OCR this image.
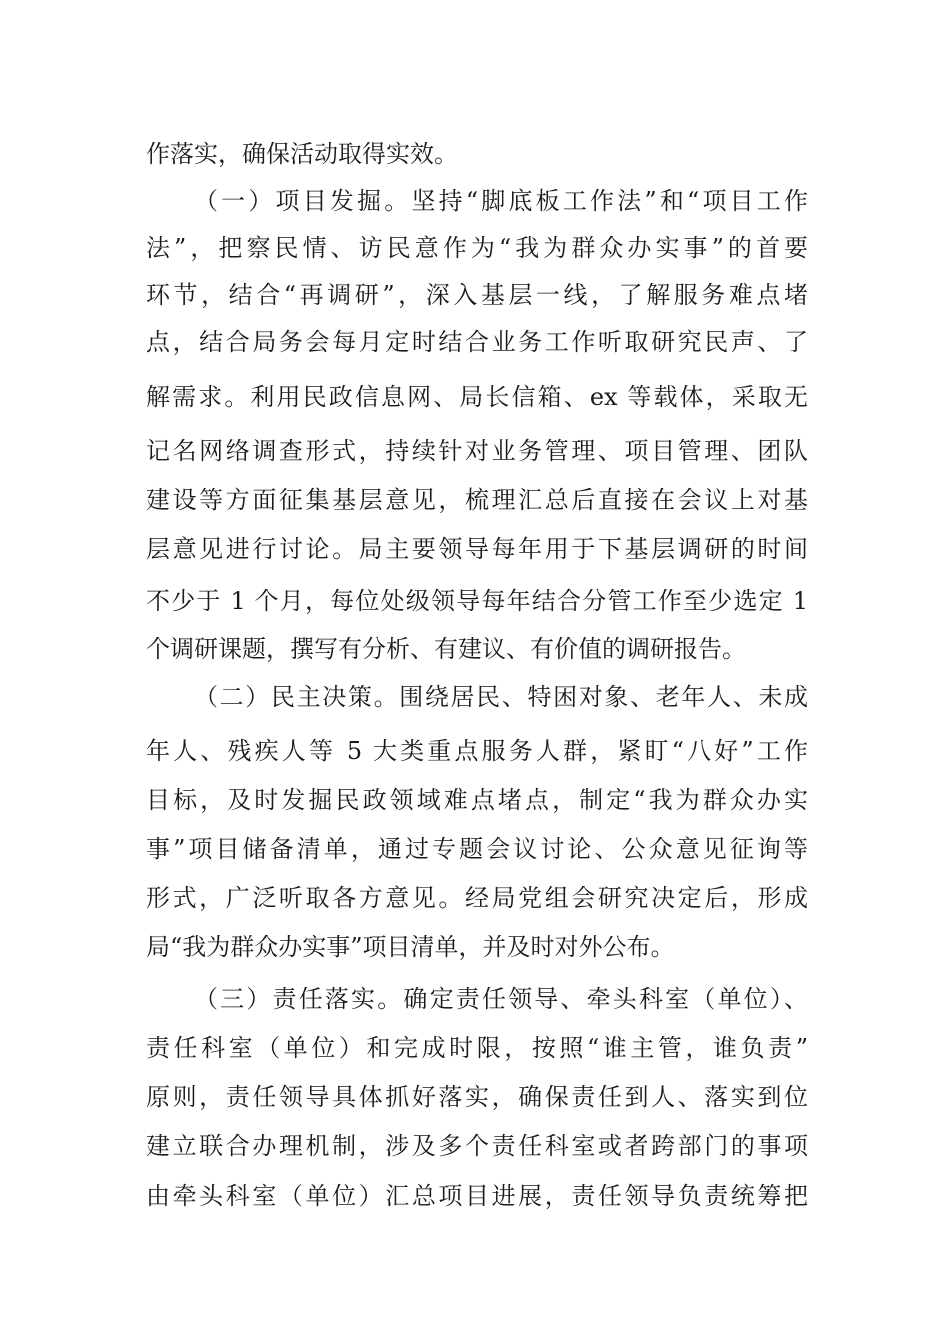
作落实，确保活动取得实效。

（一）项目发掘。坚持“脚底板工作法”和“项目工作

法”，把察民情、访民意作为“我为群众办实事”的首要

环节，结合“再调研”，深入基层一线，了解服务难点堵

点，结合局务会每月定时结合业务工作听取研究民声、了

解需求。利用民政信息网、局长信箱、ex 等载体，采取无

记名网络调查形式，持续针对业务管理、项目管理、团队

建设等方面征集基层意见，梳理汇总后直接在会议上对基

层意见进行讨论。局主要领导每年用于下基层调研的时间

不少于 1 个月，每位处级领导每年结合分管工作至少选定 1

个调研课题，撰写有分析、有建议、有价值的调研报告。

（二）民主决策。围绕居民、特困对象、老年人、未成

年人、残疾人等 5 大类重点服务人群，紧盯“八好”工作

目标，及时发掘民政领域难点堵点，制定“我为群众办实

事”项目储备清单，通过专题会议讨论、公众意见征询等

形式，广泛听取各方意见。经局党组会研究决定后，形成

局“我为群众办实事”项目清单，并及时对外公布。

（三）责任落实。确定责任领导、牵头科室（单位）、

责任科室（单位）和完成时限，按照“谁主管，谁负责”

原则，责任领导具体抓好落实，确保责任到人、落实到位

建立联合办理机制，涉及多个责任科室或者跨部门的事项

由牵头科室（单位）汇总项目进展，责任领导负责统筹把
